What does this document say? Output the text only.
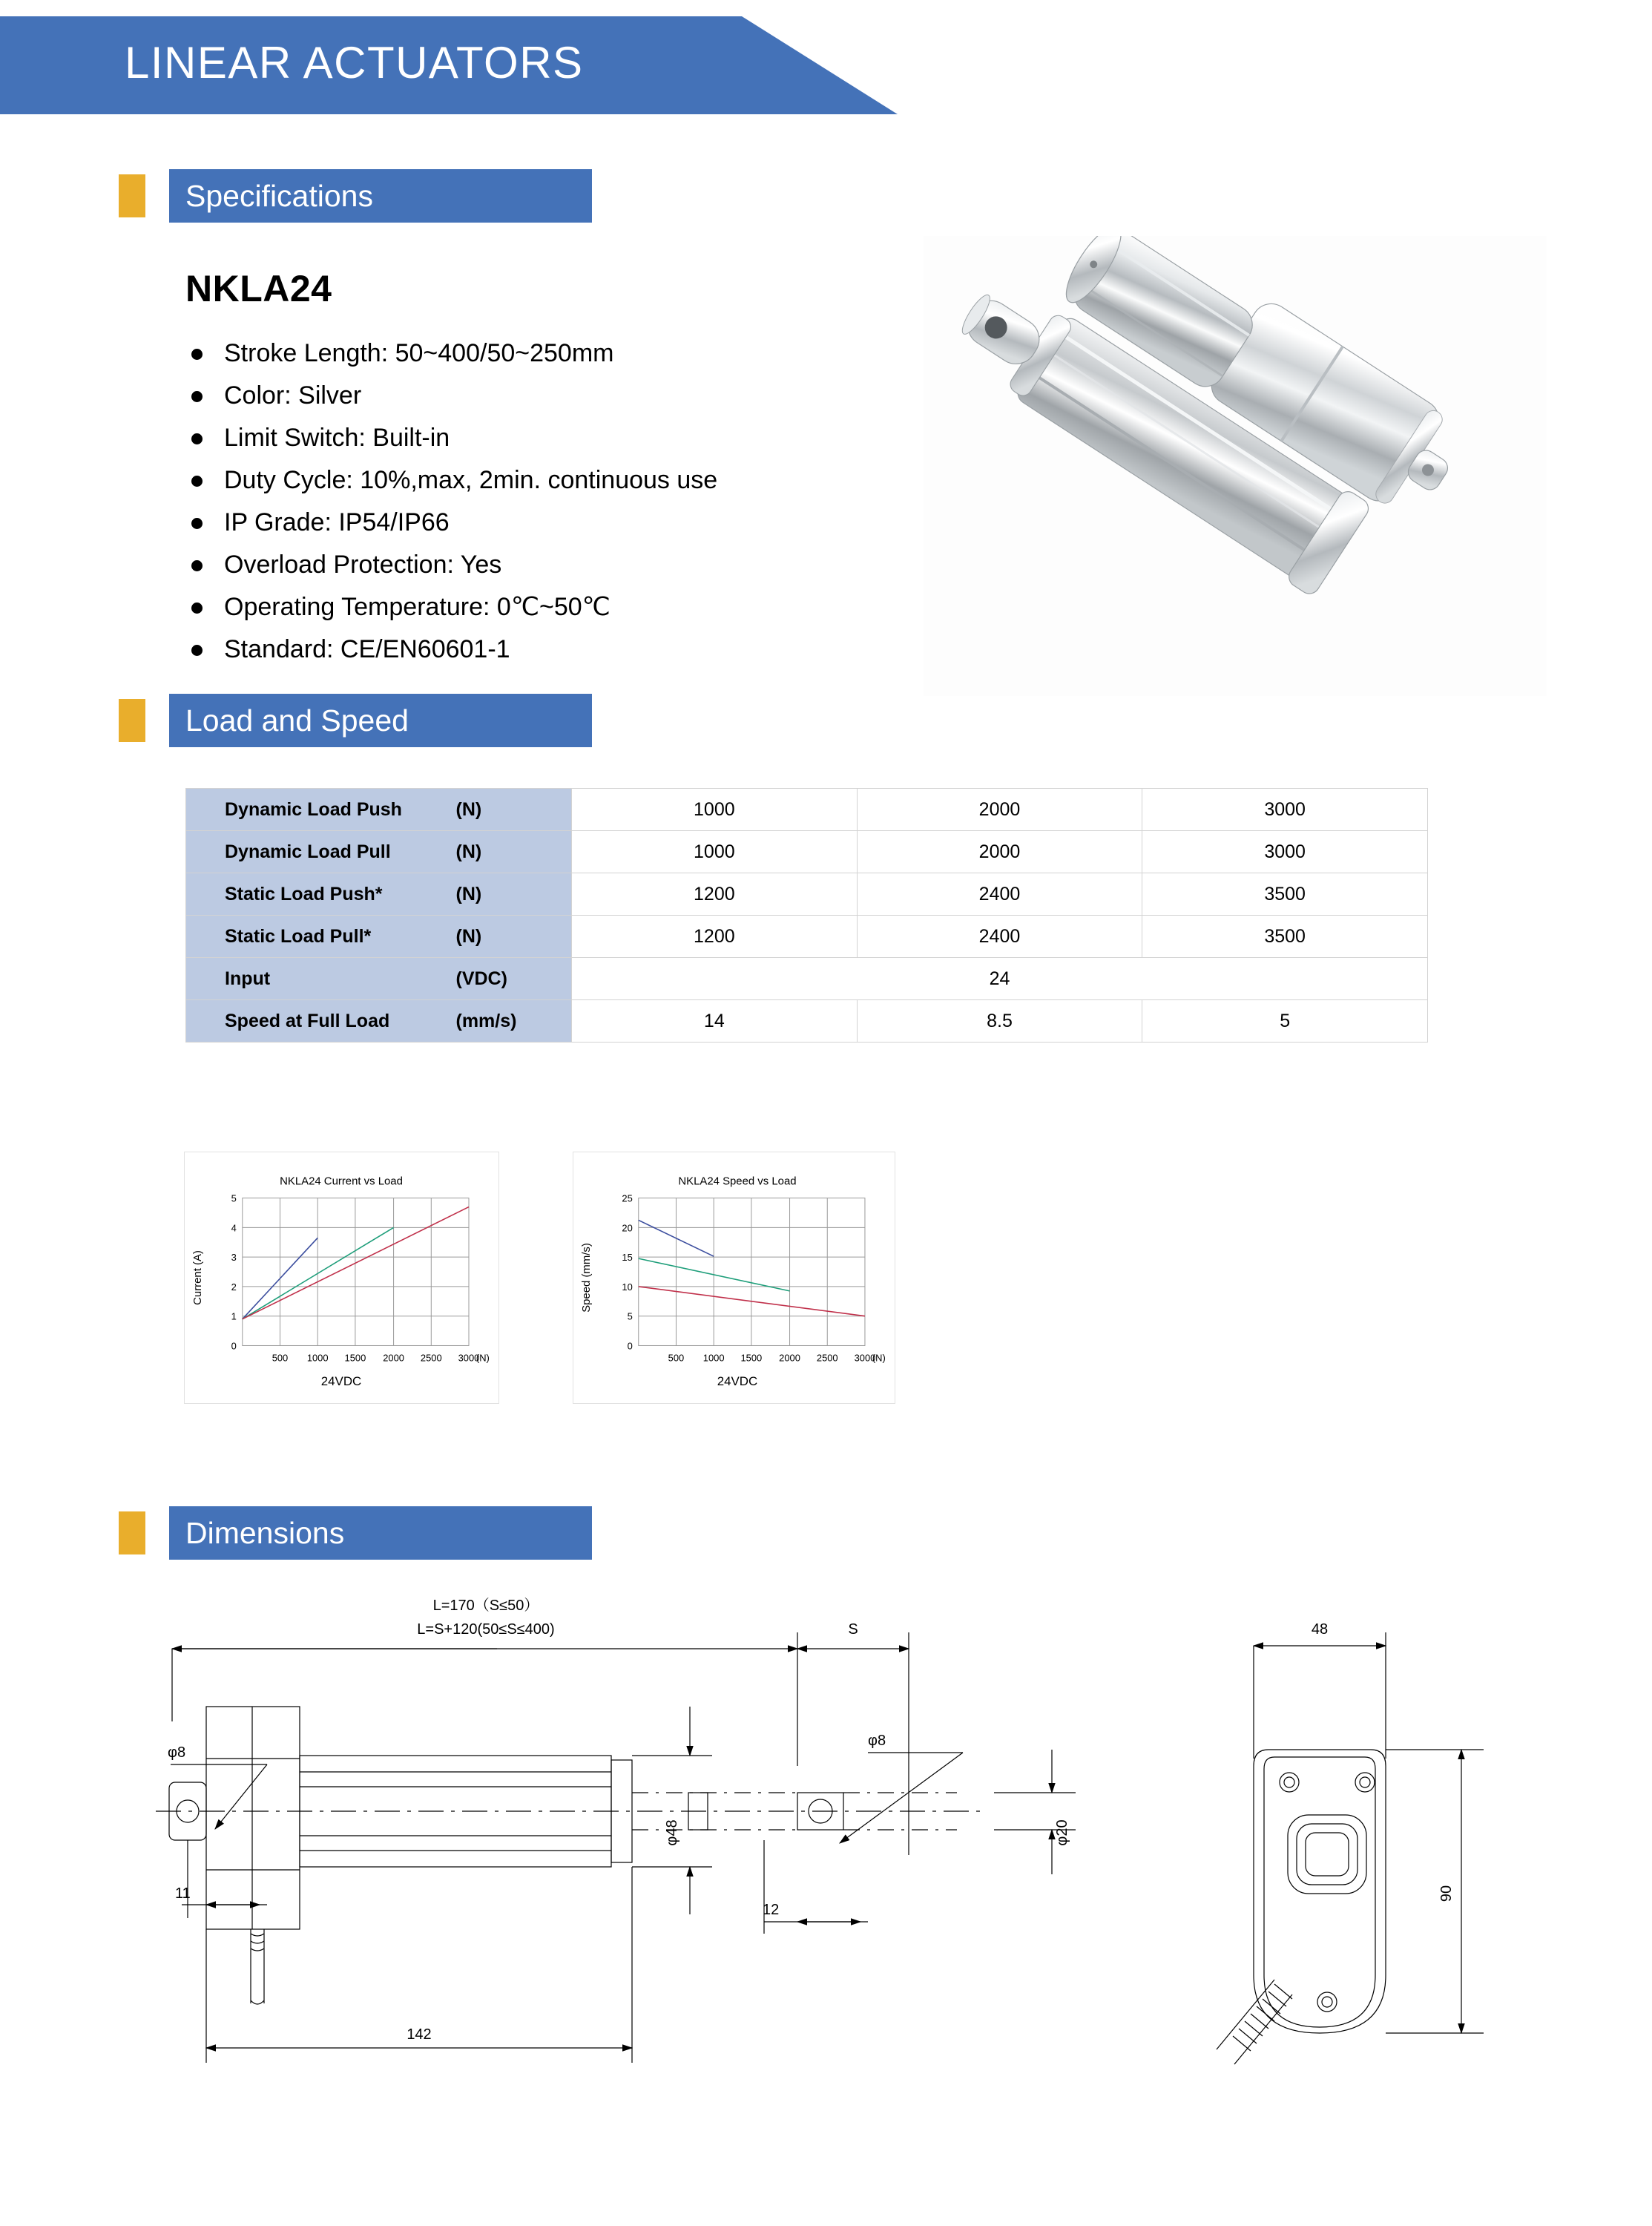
LINEAR ACTUATORS
Specifications
NKLA24
Stroke Length: 50~400/50~250mm
Color: Silver
Limit Switch: Built-in
Duty Cycle: 10%,max, 2min. continuous use
IP Grade: IP54/IP66
Overload Protection: Yes
Operating Temperature: 0℃~50℃
Standard: CE/EN60601-1
Load and Speed
Dynamic Load Push	(N)	1000	2000	3000
Dynamic Load Pull	(N)	1000	2000	3000
Static Load Push*	(N)	1200	2400	3500
Static Load Pull*	(N)	1200	2400	3500
Input	(VDC)	24		
Speed at Full Load	(mm/s)	14	8.5	5
NKLA24 Current vs Load
Current (A)
0
1
2
3
4
5
500 1000 1500 2000 2500 3000
(N)
24VDC
NKLA24 Speed vs Load
Speed (mm/s)
0
5
10
15
20
25
500 1000 1500 2000 2500 3000
(N)
24VDC
Dimensions
L=170（S≤50）
L=S+120(50≤S≤400)	S
φ8
φ8
11
12
φ20
φ48
142
48
90
